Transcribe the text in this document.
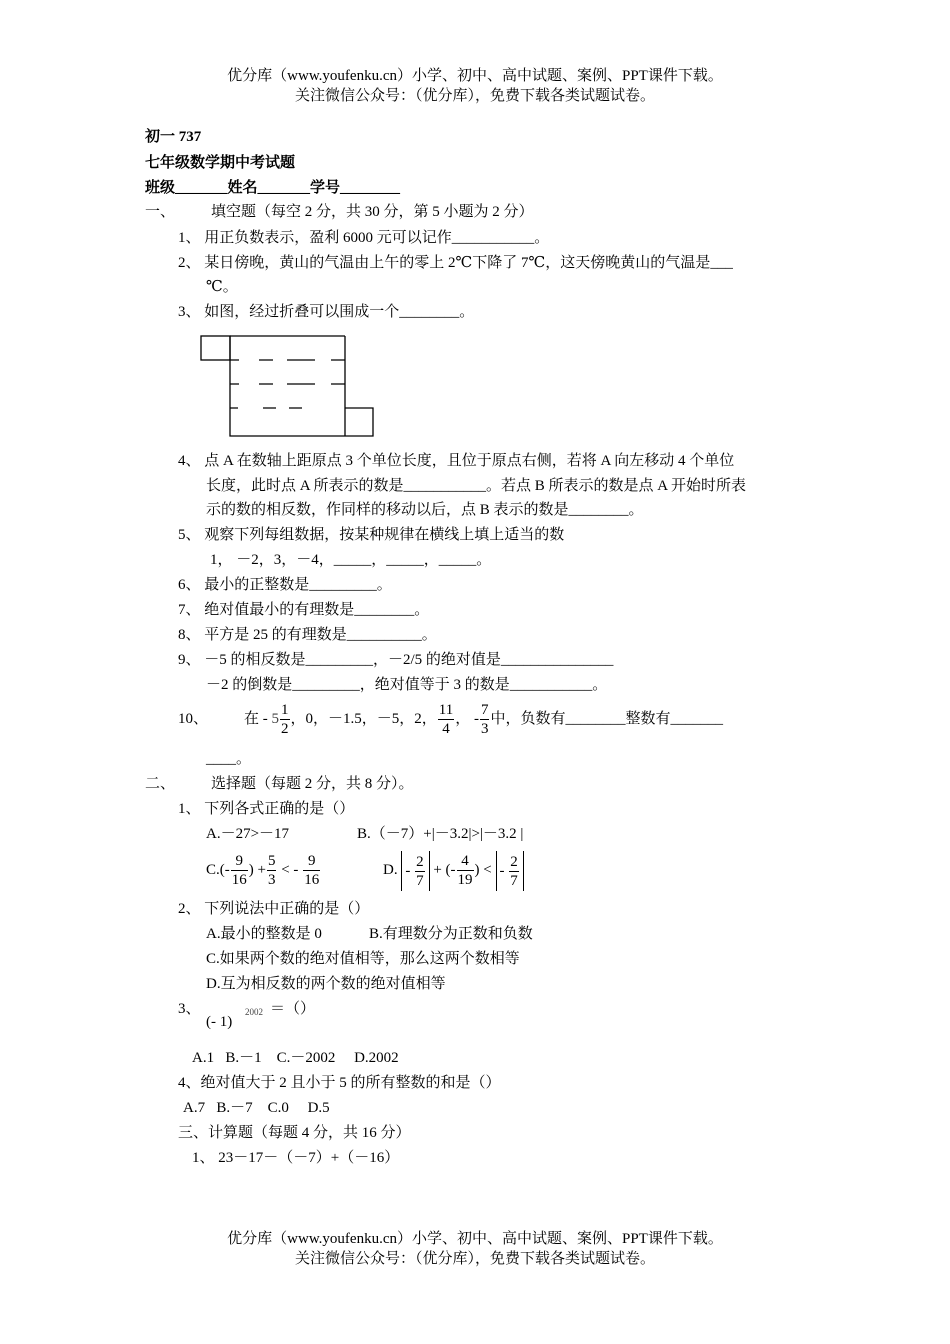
优分库（www.youfenku.cn）小学、初中、高中试题、案例、PPT课件下载。
关注微信公众号：（优分库），免费下载各类试题试卷。
初一 737
七年级数学期中考试题
班级_______姓名_______学号________
一、 填空题（每空 2 分，共 30 分，第 5 小题为 2 分）
1、 用正负数表示，盈利 6000 元可以记作___________。
2、 某日傍晚，黄山的气温由上午的零上 2℃下降了 7℃，这天傍晚黄山的气温是___
℃。
3、 如图，经过折叠可以围成一个________。
4、 点 A 在数轴上距原点 3 个单位长度，且位于原点右侧，若将 A 向左移动 4 个单位
长度，此时点 A 所表示的数是___________。若点 B 所表示的数是点 A 开始时所表
示的数的相反数，作同样的移动以后，点 B 表示的数是________。
5、 观察下列每组数据，按某种规律在横线上填上适当的数
1， －2，3，－4，_____，_____，_____。
6、 最小的正整数是_________。
7、 绝对值最小的有理数是________。
8、 平方是 25 的有理数是__________。
9、 －5 的相反数是_________，－2/5 的绝对值是_______________
－2 的倒数是_________，绝对值等于 3 的数是___________。
10、 在 - $5 \frac{1}{2}$ ，0，－1.5，－5，2， $\frac{11}{4}$ ， - $\frac{7}{3}$ 中，负数有________整数有_______
____。
二、 选择题（每题 2 分，共 8 分）。
1、 下列各式正确的是（）
A.－27>－17	B.（－7）+|－3.2|>|－3.2 |
$C.(- \frac{9}{16}$ ) + $\frac{5}{3}$ < - $\frac{9}{16}$	D. - $\frac{2}{7}$ + (- $\frac{4}{19}$ ) < - $\frac{2}{7}$
2、 下列说法中正确的是（）
A.最小的整数是 0	B.有理数分为正数和负数
C.如果两个数的绝对值相等，那么这两个数相等
D.互为相反数的两个数的绝对值相等
3、
(- 1)
2002 ＝（）
A.1   B.－1    C.－2002     D.2002
4、绝对值大于 2 且小于 5 的所有整数的和是（）
A.7   B.－7    C.0     D.5
三、计算题（每题 4 分，共 16 分）
1、 23－17－（－7）+（－16）
优分库（www.youfenku.cn）小学、初中、高中试题、案例、PPT课件下载。
关注微信公众号：（优分库），免费下载各类试题试卷。
